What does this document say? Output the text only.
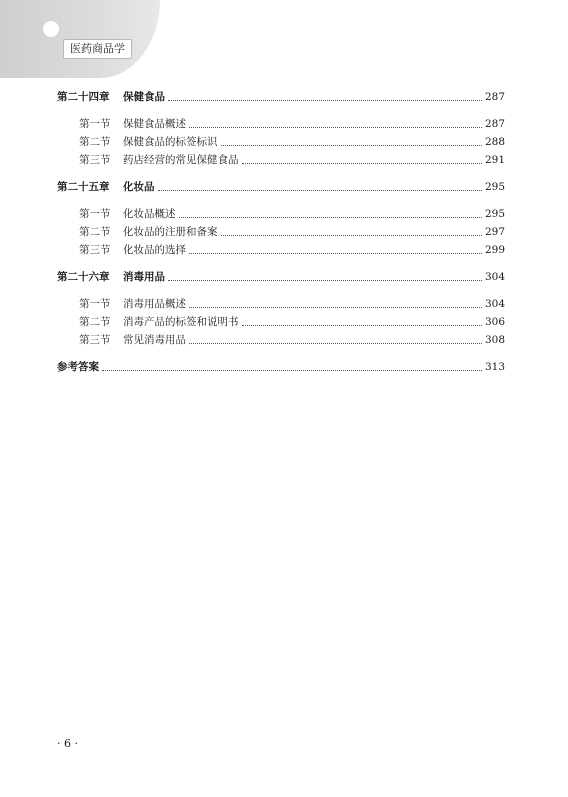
医药商品学
第二十四章	保健食品	287
第一节	保健食品概述	287
第二节	保健食品的标签标识	288
第三节	药店经营的常见保健食品	291
第二十五章	化妆品	295
第一节	化妆品概述	295
第二节	化妆品的注册和备案	297
第三节	化妆品的选择	299
第二十六章	消毒用品	304
第一节	消毒用品概述	304
第二节	消毒产品的标签和说明书	306
第三节	常见消毒用品	308
参考答案	313
· 6 ·
